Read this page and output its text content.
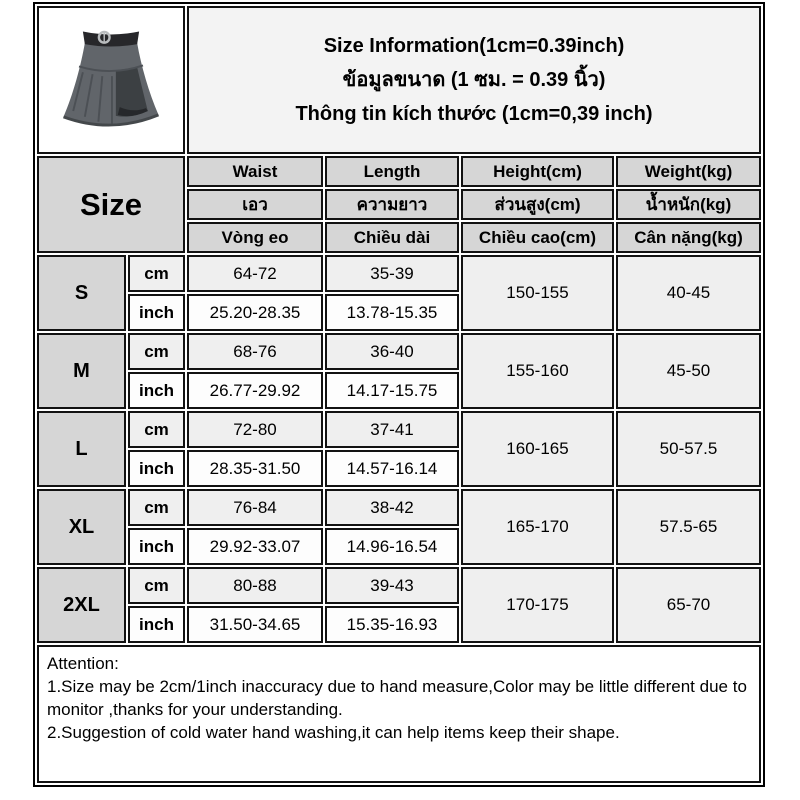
Size Information(1cm=0.39inch)
ข้อมูลขนาด (1 ซม. = 0.39 นิ้ว)
Thông tin kích thước (1cm=0,39 inch)			

Size		Waist	Length	Height(cm)	Weight(kg)
		เอว	ความยาว	ส่วนสูง(cm)	น้ำหนัก(kg)
		Vòng eo	Chiều dài	Chiều cao(cm)	Cân nặng(kg)
S	cm	64-72	35-39	150-155	40-45
	inch	25.20-28.35	13.78-15.35		
M	cm	68-76	36-40	155-160	45-50
	inch	26.77-29.92	14.17-15.75		
L	cm	72-80	37-41	160-165	50-57.5
	inch	28.35-31.50	14.57-16.14		
XL	cm	76-84	38-42	165-170	57.5-65
	inch	29.92-33.07	14.96-16.54		
2XL	cm	80-88	39-43	170-175	65-70
	inch	31.50-34.65	15.35-16.93		

Attention:
1.Size may be 2cm/1inch inaccuracy due to hand measure,Color may be little different due to monitor ,thanks for your understanding.
2.Suggestion of cold water hand washing,it can help items keep their shape.					
